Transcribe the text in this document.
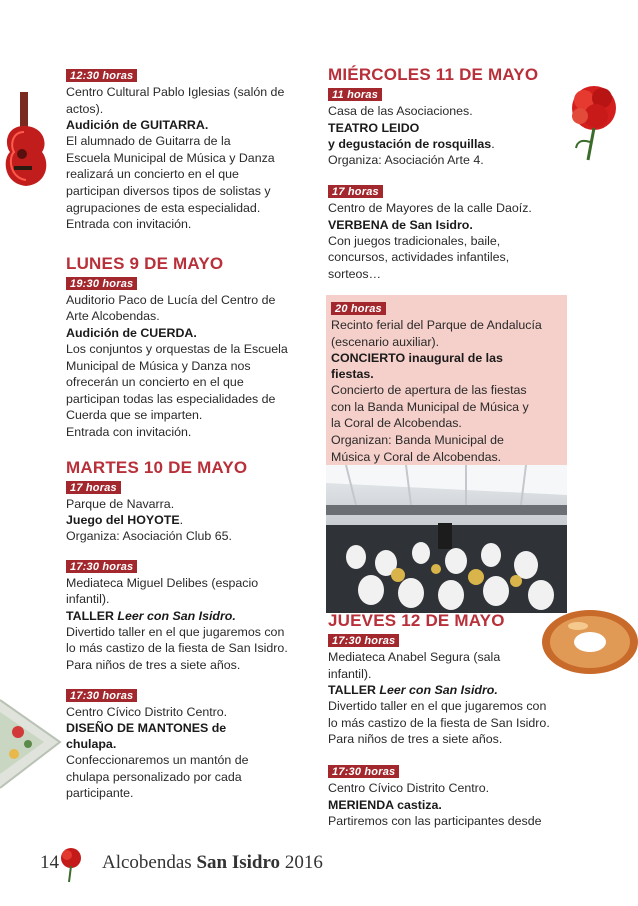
12:30 horas
Centro Cultural Pablo Iglesias (salón de
actos).
Audición de GUITARRA.
El alumnado de Guitarra de la
Escuela Municipal de Música y Danza
realizará un concierto en el que
participan diversos tipos de solistas y
agrupaciones de esta especialidad.
Entrada con invitación.
LUNES 9 DE MAYO
19:30 horas
Auditorio Paco de Lucía del Centro de
Arte Alcobendas.
Audición de CUERDA.
Los conjuntos y orquestas de la Escuela
Municipal de Música y Danza nos
ofrecerán un concierto en el que
participan todas las especialidades de
Cuerda que se imparten.
Entrada con invitación.
MARTES 10 DE MAYO
17 horas
Parque de Navarra.
Juego del HOYOTE.
Organiza: Asociación Club 65.
17:30 horas
Mediateca Miguel Delibes (espacio
infantil).
TALLER Leer con San Isidro.
Divertido taller en el que jugaremos con
lo más castizo de la fiesta de San Isidro.
Para niños de tres a siete años.
17:30 horas
Centro Cívico Distrito Centro.
DISEÑO DE MANTONES de
chulapa.
Confeccionaremos un mantón de
chulapa personalizado por cada
participante.
MIÉRCOLES 11 DE MAYO
11 horas
Casa de las Asociaciones.
TEATRO LEIDO
y degustación de rosquillas.
Organiza: Asociación Arte 4.
17 horas
Centro de Mayores de la calle Daoíz.
VERBENA de San Isidro.
Con juegos tradicionales, baile,
concursos, actividades infantiles,
sorteos…
20 horas
Recinto ferial del Parque de Andalucía
(escenario auxiliar).
CONCIERTO inaugural de las
fiestas.
Concierto de apertura de las fiestas
con la Banda Municipal de Música y
la Coral de Alcobendas.
Organizan: Banda Municipal de
Música y Coral de Alcobendas.
JUEVES 12 DE MAYO
17:30 horas
Mediateca Anabel Segura (sala
infantil).
TALLER Leer con San Isidro.
Divertido taller en el que jugaremos con
lo más castizo de la fiesta de San Isidro.
Para niños de tres a siete años.
17:30 horas
Centro Cívico Distrito Centro.
MERIENDA castiza.
Partiremos con las participantes desde
14 Alcobendas San Isidro 2016
